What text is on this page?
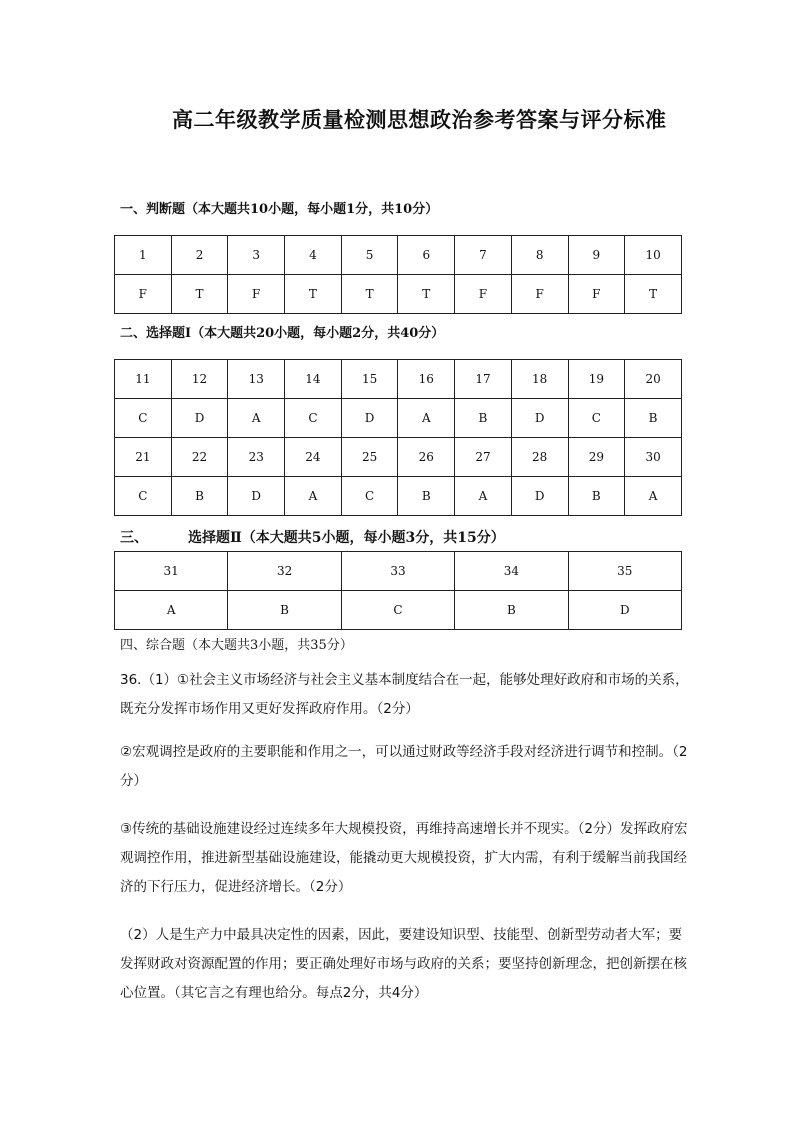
高二年级教学质量检测思想政治参考答案与评分标准
一、判断题（本大题共10小题，每小题1分，共10分）
1	2	3	4	5	6	7	8	9	10
F	T	F	T	T	T	F	F	F	T
二、选择题Ⅰ（本大题共20小题，每小题2分，共40分）
11	12	13	14	15	16	17	18	19	20
C	D	A	C	D	A	B	D	C	B
21	22	23	24	25	26	27	28	29	30
C	B	D	A	C	B	A	D	B	A
三、	选择题Ⅱ（本大题共5小题，每小题3分，共15分）
31	32	33	34	35
A	B	C	B	D
四、综合题（本大题共3小题，共35分）
36.（1）①社会主义市场经济与社会主义基本制度结合在一起，能够处理好政府和市场的关系，既充分发挥市场作用又更好发挥政府作用。（2分）
②宏观调控是政府的主要职能和作用之一，可以通过财政等经济手段对经济进行调节和控制。（2分）
③传统的基础设施建设经过连续多年大规模投资，再维持高速增长并不现实。（2分）发挥政府宏观调控作用，推进新型基础设施建设，能撬动更大规模投资，扩大内需，有利于缓解当前我国经济的下行压力，促进经济增长。（2分）
（2）人是生产力中最具决定性的因素，因此，要建设知识型、技能型、创新型劳动者大军；要发挥财政对资源配置的作用；要正确处理好市场与政府的关系；要坚持创新理念，把创新摆在核心位置。（其它言之有理也给分。每点2分，共4分）
